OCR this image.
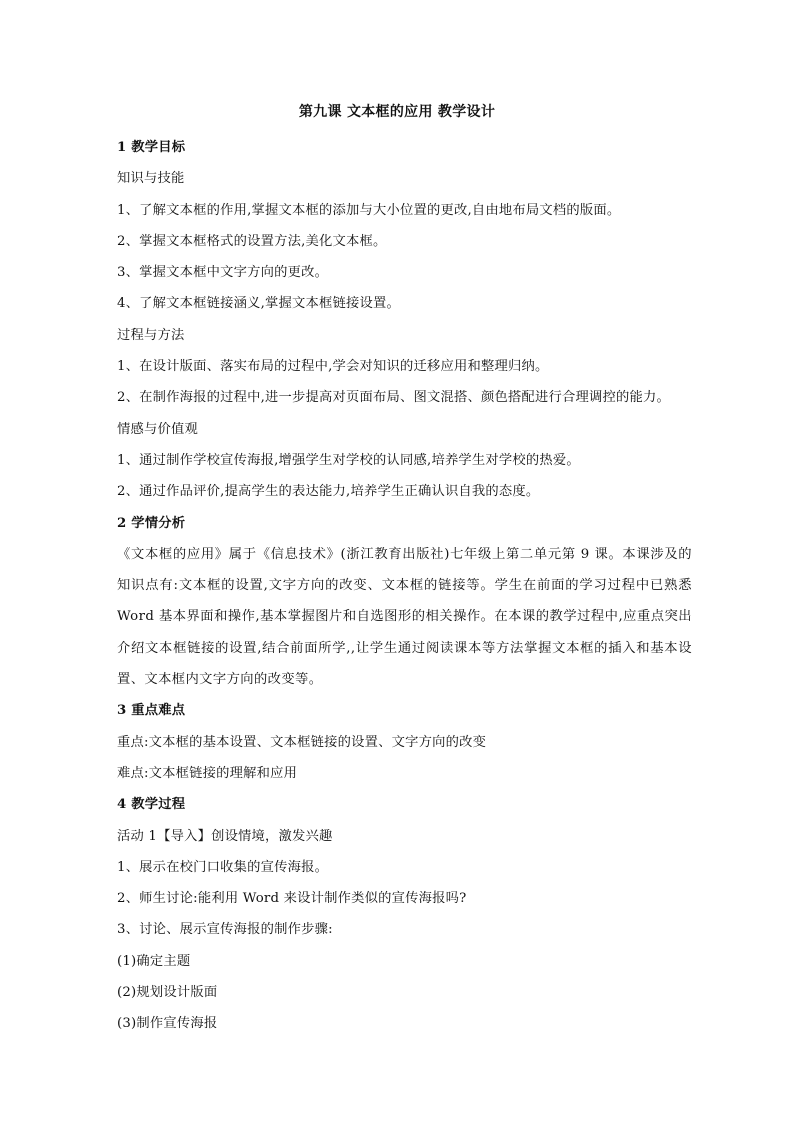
第九课 文本框的应用 教学设计
1 教学目标
知识与技能
1、了解文本框的作用,掌握文本框的添加与大小位置的更改,自由地布局文档的版面。
2、掌握文本框格式的设置方法,美化文本框。
3、掌握文本框中文字方向的更改。
4、了解文本框链接涵义,掌握文本框链接设置。
过程与方法
1、在设计版面、落实布局的过程中,学会对知识的迁移应用和整理归纳。
2、在制作海报的过程中,进一步提高对页面布局、图文混搭、颜色搭配进行合理调控的能力。
情感与价值观
1、通过制作学校宣传海报,增强学生对学校的认同感,培养学生对学校的热爱。
2、通过作品评价,提高学生的表达能力,培养学生正确认识自我的态度。
2 学情分析
《文本框的应用》属于《信息技术》(浙江教育出版社)七年级上第二单元第 9 课。本课涉及的知识点有:文本框的设置,文字方向的改变、文本框的链接等。学生在前面的学习过程中已熟悉 Word 基本界面和操作,基本掌握图片和自选图形的相关操作。在本课的教学过程中,应重点突出介绍文本框链接的设置,结合前面所学,,让学生通过阅读课本等方法掌握文本框的插入和基本设置、文本框内文字方向的改变等。
3 重点难点
重点:文本框的基本设置、文本框链接的设置、文字方向的改变
难点:文本框链接的理解和应用
4 教学过程
活动 1【导入】创设情境，激发兴趣
1、展示在校门口收集的宣传海报。
2、师生讨论:能利用 Word 来设计制作类似的宣传海报吗?
3、讨论、展示宣传海报的制作步骤:
(1)确定主题
(2)规划设计版面
(3)制作宣传海报
